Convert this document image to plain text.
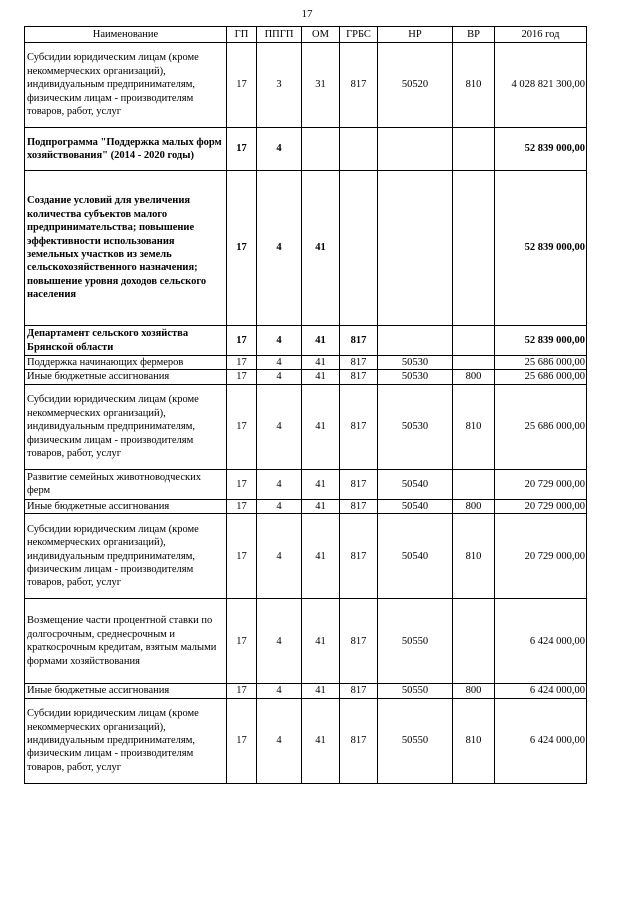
17
Наименование	ГП	ППГП	ОМ	ГРБС	НР	ВР	2016 год
Субсидии юридическим лицам (кроме некоммерческих организаций), индивидуальным предпринимателям, физическим лицам - производителям товаров, работ, услуг	17	3	31	817	50520	810	4 028 821 300,00
Подпрограмма "Поддержка малых форм хозяйствования" (2014 - 2020 годы)	17	4					52 839 000,00
Создание условий для увеличения количества субъектов малого предпринимательства; повышение эффективности использования земельных участков из земель сельскохозяйственного назначения; повышение уровня доходов сельского населения	17	4	41				52 839 000,00
Департамент сельского хозяйства Брянской области	17	4	41	817			52 839 000,00
Поддержка начинающих фермеров	17	4	41	817	50530		25 686 000,00
Иные бюджетные ассигнования	17	4	41	817	50530	800	25 686 000,00
Субсидии юридическим лицам (кроме некоммерческих организаций), индивидуальным предпринимателям, физическим лицам - производителям товаров, работ, услуг	17	4	41	817	50530	810	25 686 000,00
Развитие семейных животноводческих ферм	17	4	41	817	50540		20 729 000,00
Иные бюджетные ассигнования	17	4	41	817	50540	800	20 729 000,00
Субсидии юридическим лицам (кроме некоммерческих организаций), индивидуальным предпринимателям, физическим лицам - производителям товаров, работ, услуг	17	4	41	817	50540	810	20 729 000,00
Возмещение части процентной ставки по долгосрочным, среднесрочным и краткосрочным кредитам, взятым малыми формами хозяйствования	17	4	41	817	50550		6 424 000,00
Иные бюджетные ассигнования	17	4	41	817	50550	800	6 424 000,00
Субсидии юридическим лицам (кроме некоммерческих организаций), индивидуальным предпринимателям, физическим лицам - производителям товаров, работ, услуг	17	4	41	817	50550	810	6 424 000,00
